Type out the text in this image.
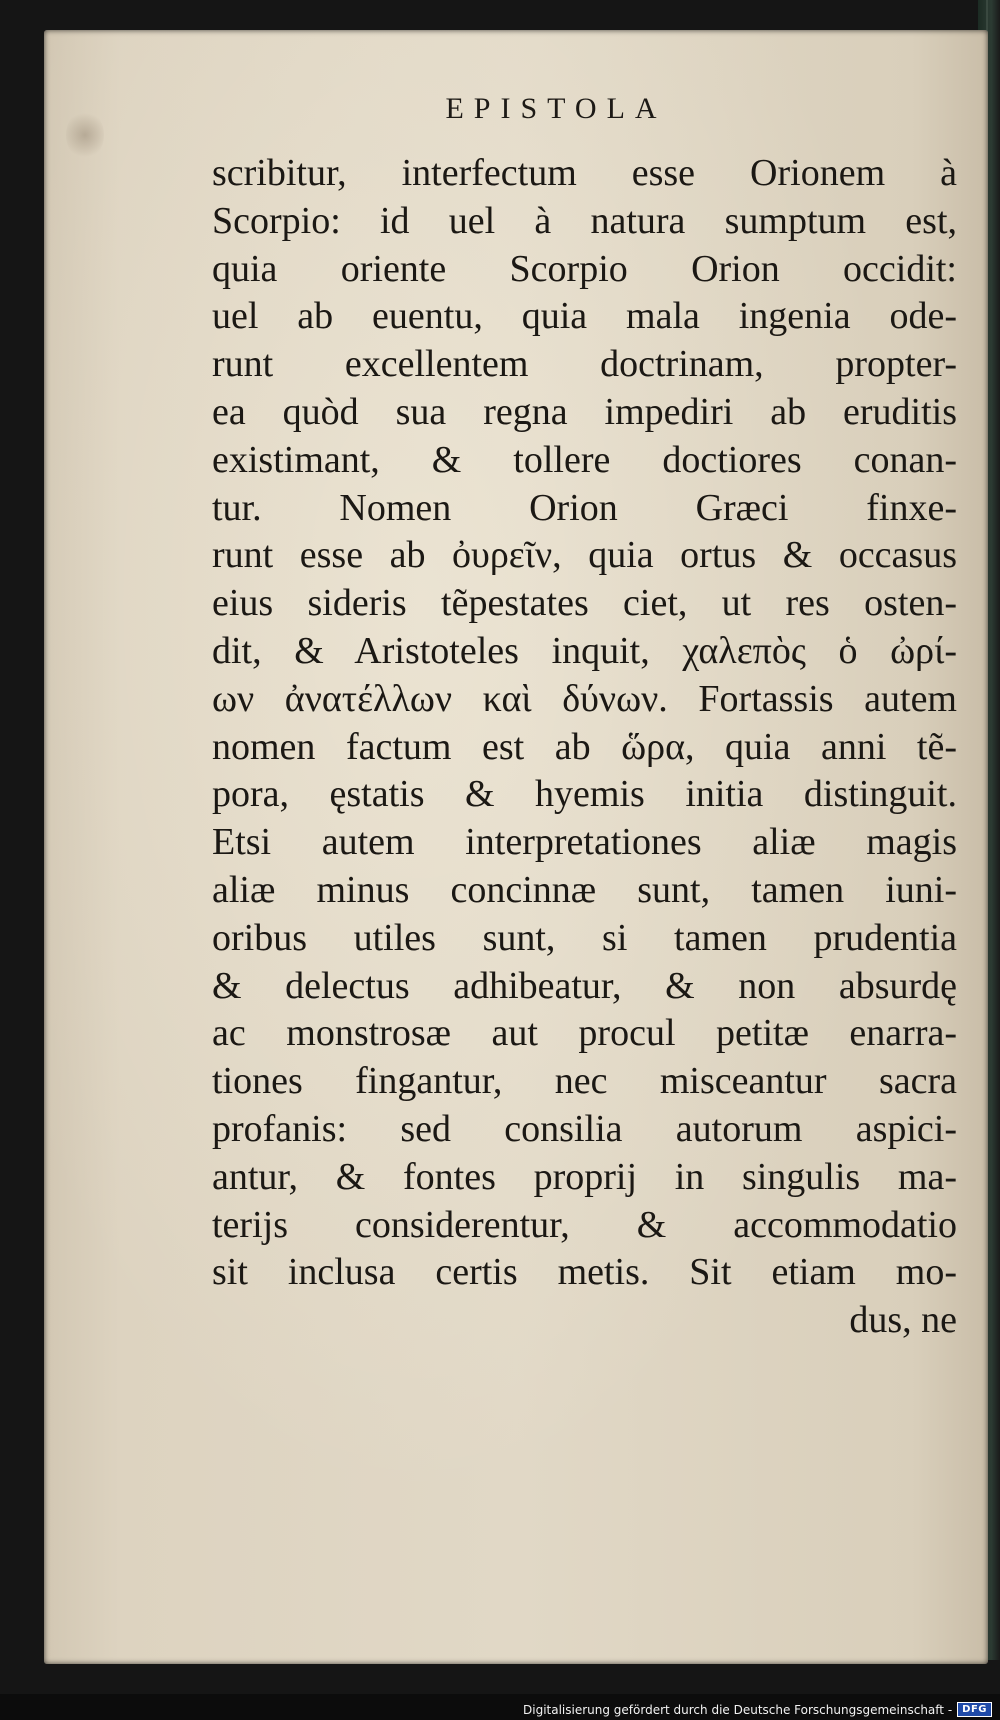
EPISTOLA
scribitur, interfectum esse Orionem à
Scorpio: id uel à natura sumptum est,
quia oriente Scorpio Orion occidit:
uel ab euentu, quia mala ingenia ode-
runt excellentem doctrinam, propter-
ea quòd sua regna impediri ab eruditis
existimant, & tollere doctiores conan-
tur. Nomen Orion Græci finxe-
runt esse ab ὀυρεῖν, quia ortus & occasus
eius sideris tẽpestates ciet, ut res osten-
dit, & Aristoteles inquit, χαλεπὸς ὁ ὠρί-
ων ἀνατέλλων καὶ δύνων. Fortassis autem
nomen factum est ab ὥρα, quia anni tẽ-
pora, ęstatis & hyemis initia distinguit.
Etsi autem interpretationes aliæ magis
aliæ minus concinnæ sunt, tamen iuni-
oribus utiles sunt, si tamen prudentia
& delectus adhibeatur, & non absurdę
ac monstrosæ aut procul petitæ enarra-
tiones fingantur, nec misceantur sacra
profanis: sed consilia autorum aspici-
antur, & fontes proprij in singulis ma-
terijs considerentur, & accommodatio
sit inclusa certis metis. Sit etiam mo-
dus, ne
Digitalisierung gefördert durch die Deutsche Forschungsgemeinschaft -	DFG
